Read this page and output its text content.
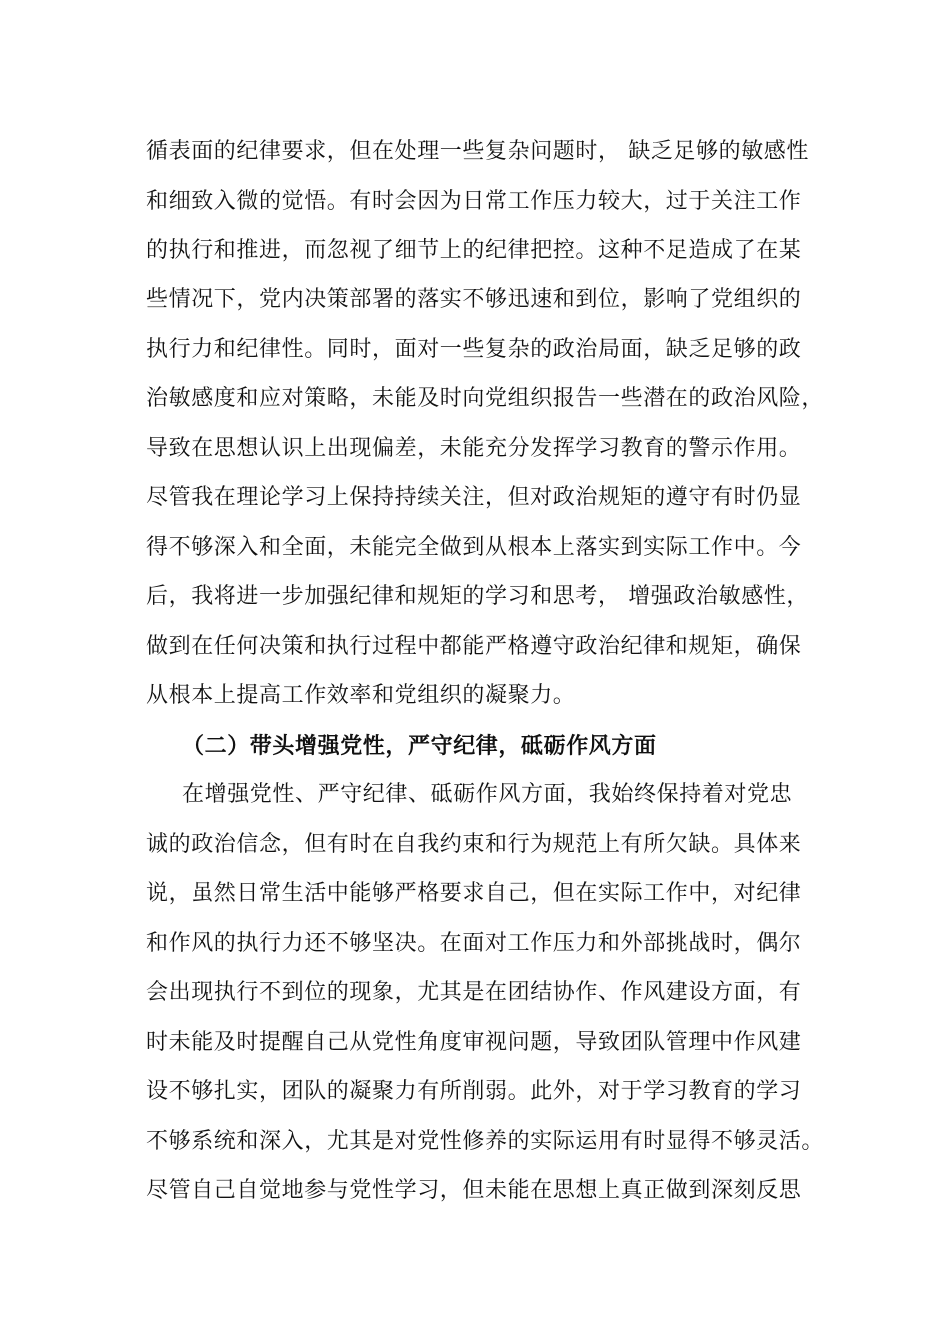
循表面的纪律要求，但在处理一些复杂问题时， 缺乏足够的敏感性
和细致入微的觉悟。有时会因为日常工作压力较大，过于关注工作
的执行和推进，而忽视了细节上的纪律把控。这种不足造成了在某
些情况下，党内决策部署的落实不够迅速和到位，影响了党组织的
执行力和纪律性。同时，面对一些复杂的政治局面，缺乏足够的政
治敏感度和应对策略，未能及时向党组织报告一些潜在的政治风险，
导致在思想认识上出现偏差，未能充分发挥学习教育的警示作用。
尽管我在理论学习上保持持续关注，但对政治规矩的遵守有时仍显
得不够深入和全面，未能完全做到从根本上落实到实际工作中。今
后，我将进一步加强纪律和规矩的学习和思考， 增强政治敏感性，
做到在任何决策和执行过程中都能严格遵守政治纪律和规矩，确保
从根本上提高工作效率和党组织的凝聚力。
（二）带头增强党性，严守纪律，砥砺作风方面
在增强党性、严守纪律、砥砺作风方面，我始终保持着对党忠
诚的政治信念，但有时在自我约束和行为规范上有所欠缺。具体来
说，虽然日常生活中能够严格要求自己，但在实际工作中，对纪律
和作风的执行力还不够坚决。在面对工作压力和外部挑战时，偶尔
会出现执行不到位的现象，尤其是在团结协作、作风建设方面，有
时未能及时提醒自己从党性角度审视问题，导致团队管理中作风建
设不够扎实，团队的凝聚力有所削弱。此外，对于学习教育的学习
不够系统和深入，尤其是对党性修养的实际运用有时显得不够灵活。
尽管自己自觉地参与党性学习，但未能在思想上真正做到深刻反思
